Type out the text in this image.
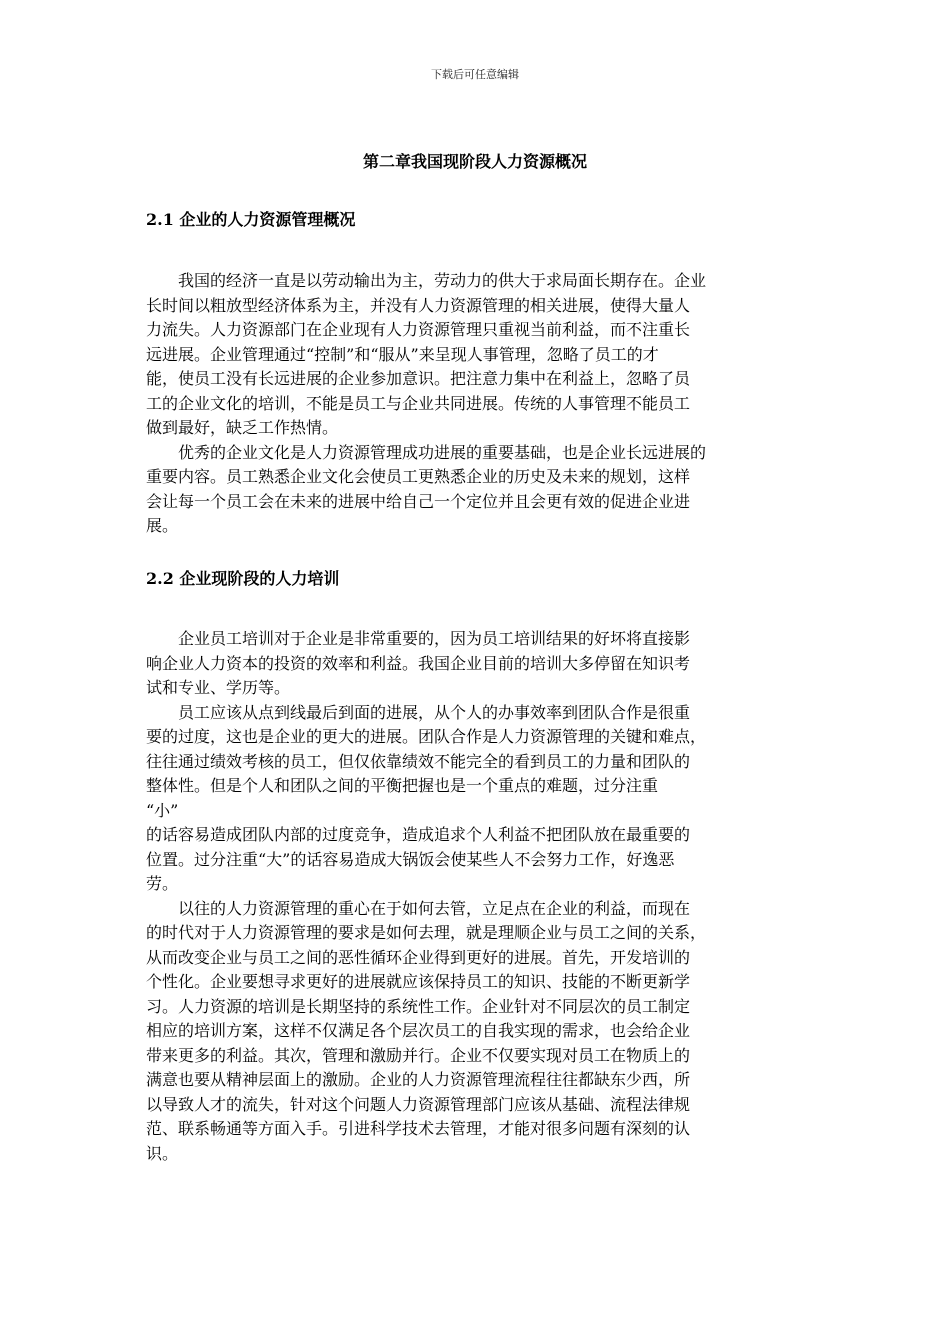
下载后可任意编辑
第二章我国现阶段人力资源概况
2.1 企业的人力资源管理概况
　　我国的经济一直是以劳动输出为主，劳动力的供大于求局面长期存在。企业
长时间以粗放型经济体系为主，并没有人力资源管理的相关进展，使得大量人
力流失。人力资源部门在企业现有人力资源管理只重视当前利益，而不注重长
远进展。企业管理通过“控制”和“服从”来呈现人事管理，忽略了员工的才
能，使员工没有长远进展的企业参加意识。把注意力集中在利益上，忽略了员
工的企业文化的培训，不能是员工与企业共同进展。传统的人事管理不能员工
做到最好，缺乏工作热情。
　　优秀的企业文化是人力资源管理成功进展的重要基础，也是企业长远进展的
重要内容。员工熟悉企业文化会使员工更熟悉企业的历史及未来的规划，这样
会让每一个员工会在未来的进展中给自己一个定位并且会更有效的促进企业进
展。
2.2 企业现阶段的人力培训
　　企业员工培训对于企业是非常重要的，因为员工培训结果的好坏将直接影
响企业人力资本的投资的效率和利益。我国企业目前的培训大多停留在知识考
试和专业、学历等。
　　员工应该从点到线最后到面的进展，从个人的办事效率到团队合作是很重
要的过度，这也是企业的更大的进展。团队合作是人力资源管理的关键和难点，
往往通过绩效考核的员工，但仅依靠绩效不能完全的看到员工的力量和团队的
整体性。但是个人和团队之间的平衡把握也是一个重点的难题，过分注重
“小”
的话容易造成团队内部的过度竞争，造成追求个人利益不把团队放在最重要的
位置。过分注重“大”的话容易造成大锅饭会使某些人不会努力工作，好逸恶
劳。
　　以往的人力资源管理的重心在于如何去管，立足点在企业的利益，而现在
的时代对于人力资源管理的要求是如何去理，就是理顺企业与员工之间的关系，
从而改变企业与员工之间的恶性循环企业得到更好的进展。首先，开发培训的
个性化。企业要想寻求更好的进展就应该保持员工的知识、技能的不断更新学
习。人力资源的培训是长期坚持的系统性工作。企业针对不同层次的员工制定
相应的培训方案，这样不仅满足各个层次员工的自我实现的需求，也会给企业
带来更多的利益。其次，管理和激励并行。企业不仅要实现对员工在物质上的
满意也要从精神层面上的激励。企业的人力资源管理流程往往都缺东少西，所
以导致人才的流失，针对这个问题人力资源管理部门应该从基础、流程法律规
范、联系畅通等方面入手。引进科学技术去管理，才能对很多问题有深刻的认
识。
